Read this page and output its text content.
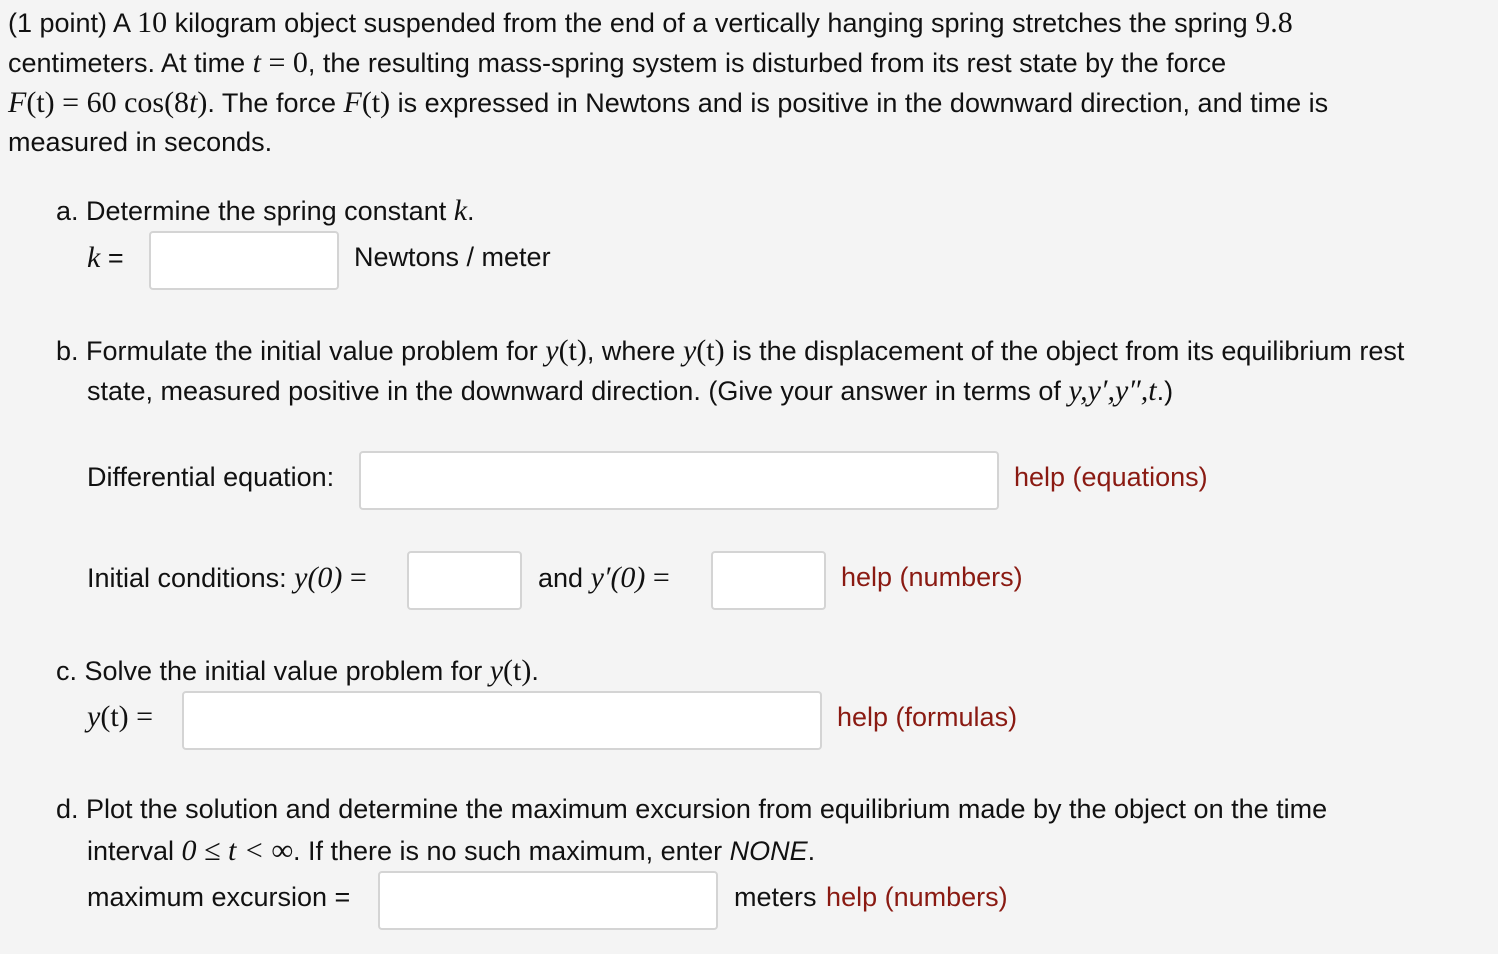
(1 point) A 10 kilogram object suspended from the end of a vertically hanging spring stretches the spring 9.8
centimeters. At time t = 0, the resulting mass-spring system is disturbed from its rest state by the force
F(t) = 60 cos(8t). The force F(t) is expressed in Newtons and is positive in the downward direction, and time is
measured in seconds.
a. Determine the spring constant k.
k =	Newtons / meter
b. Formulate the initial value problem for y(t), where y(t) is the displacement of the object from its equilibrium rest
state, measured positive in the downward direction. (Give your answer in terms of y,y′,y″,t.)
Differential equation:	help (equations)
Initial conditions: y(0) =	and y′(0) =	help (numbers)
c. Solve the initial value problem for y(t).
y(t) =	help (formulas)
d. Plot the solution and determine the maximum excursion from equilibrium made by the object on the time
interval 0 ≤ t < ∞. If there is no such maximum, enter NONE.
maximum excursion =	meters help (numbers)
